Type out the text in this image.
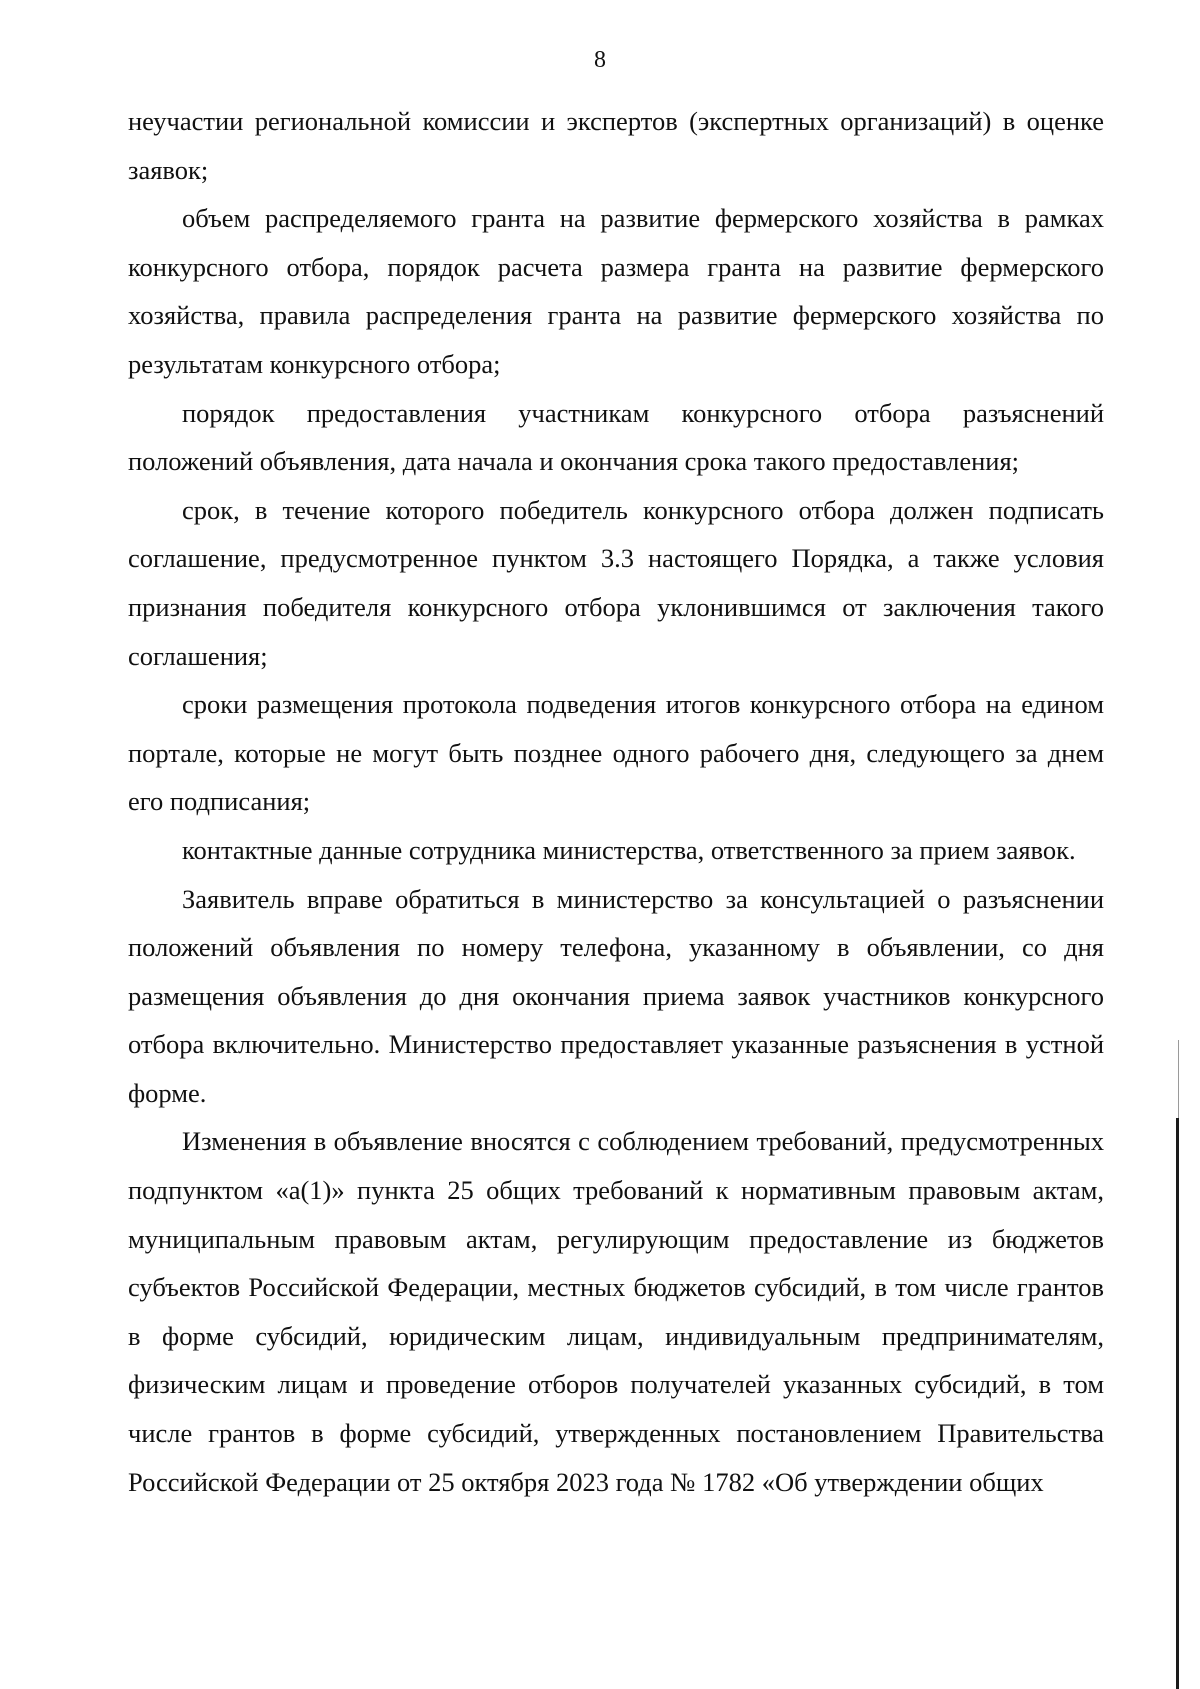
8

неучастии региональной комиссии и экспертов (экспертных организаций) в оценке заявок;

объем распределяемого гранта на развитие фермерского хозяйства в рамках конкурсного отбора, порядок расчета размера гранта на развитие фермерского хозяйства, правила распределения гранта на развитие фермерского хозяйства по результатам конкурсного отбора;

порядок предоставления участникам конкурсного отбора разъяснений положений объявления, дата начала и окончания срока такого предоставления;

срок, в течение которого победитель конкурсного отбора должен подписать соглашение, предусмотренное пунктом 3.3 настоящего Порядка, а также условия признания победителя конкурсного отбора уклонившимся от заключения такого соглашения;

сроки размещения протокола подведения итогов конкурсного отбора на едином портале, которые не могут быть позднее одного рабочего дня, следующего за днем его подписания;

контактные данные сотрудника министерства, ответственного за прием заявок.

Заявитель вправе обратиться в министерство за консультацией о разъяснении положений объявления по номеру телефона, указанному в объявлении, со дня размещения объявления до дня окончания приема заявок участников конкурсного отбора включительно. Министерство предоставляет указанные разъяснения в устной форме.

Изменения в объявление вносятся с соблюдением требований, предусмотренных подпунктом «а(1)» пункта 25 общих требований к нормативным правовым актам, муниципальным правовым актам, регулирующим предоставление из бюджетов субъектов Российской Федерации, местных бюджетов субсидий, в том числе грантов в форме субсидий, юридическим лицам, индивидуальным предпринимателям, физическим лицам и проведение отборов получателей указанных субсидий, в том числе грантов в форме субсидий, утвержденных постановлением Правительства Российской Федерации от 25 октября 2023 года № 1782 «Об утверждении общих
